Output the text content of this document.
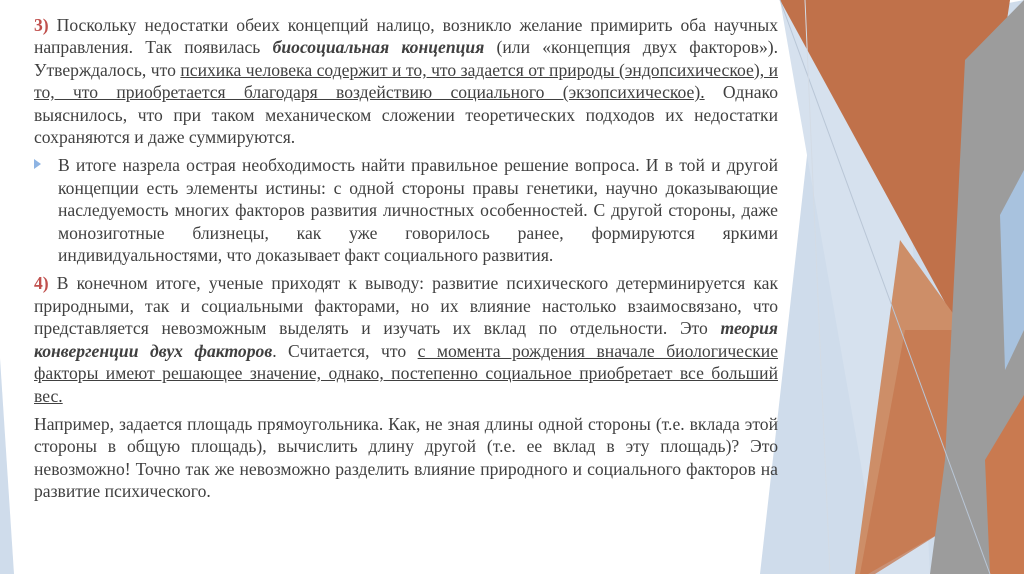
3) Поскольку недостатки обеих концепций налицо, возникло желание примирить оба научных направления. Так появилась биосоциальная концепция (или «концепция двух факторов»). Утверждалось, что психика человека содержит и то, что задается от природы (эндопсихическое), и то, что приобретается благодаря воздействию социального (экзопсихическое). Однако выяснилось, что при таком механическом сложении теоретических подходов их недостатки сохраняются и даже суммируются.

В итоге назрела острая необходимость найти правильное решение вопроса. И в той и другой концепции есть элементы истины: с одной стороны правы генетики, научно доказывающие наследуемость многих факторов развития личностных особенностей. С другой стороны, даже монозиготные близнецы, как уже говорилось ранее, формируются яркими индивидуальностями, что доказывает факт социального развития.

4) В конечном итоге, ученые приходят к выводу: развитие психического детерминируется как природными, так и социальными факторами, но их влияние настолько взаимосвязано, что представляется невозможным выделять и изучать их вклад по отдельности. Это теория конвергенции двух факторов. Считается, что с момента рождения вначале биологические факторы имеют решающее значение, однако, постепенно социальное приобретает все больший вес.

Например, задается площадь прямоугольника. Как, не зная длины одной стороны (т.е. вклада этой стороны в общую площадь), вычислить длину другой (т.е. ее вклад в эту площадь)? Это невозможно! Точно так же невозможно разделить влияние природного и социального факторов на развитие психического.
